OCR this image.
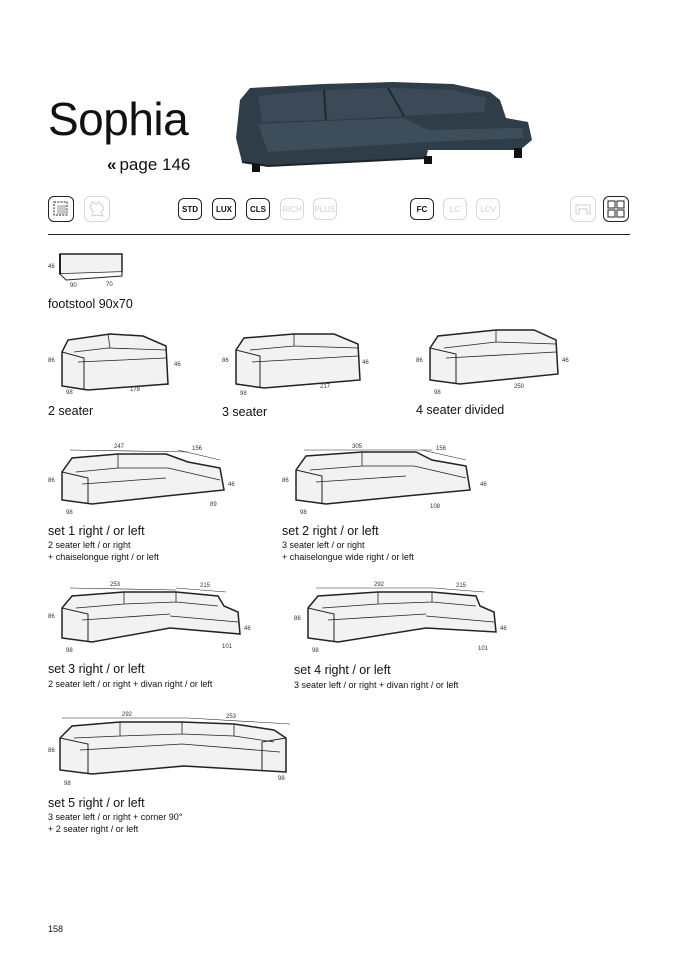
Sophia
« page 146
STD	LUX	CLS	RICH PLUS	FC	LC	LCV
46
90	70
footstool 90x70
86
46
98	178
2 seater
86	46
98
217
3 seater
86	46
98
250
4 seater divided
247	156
86
46
98
89
set 1 right / or left
2 seater left / or right
+ chaiselongue right / or left
305	156
86
46
98
108
set 2 right / or left
3 seater left / or right
+ chaiselongue wide right / or left
253	215
86
46
98
101
set 3 right / or left
2 seater left / or right + divan right / or left
292	215
86
46
98	101
set 4 right / or left
3 seater left / or right + divan right / or left
292	253
86
98
98
set 5 right / or left
3 seater left / or right + corner 90°
+ 2 seater right / or left
158
